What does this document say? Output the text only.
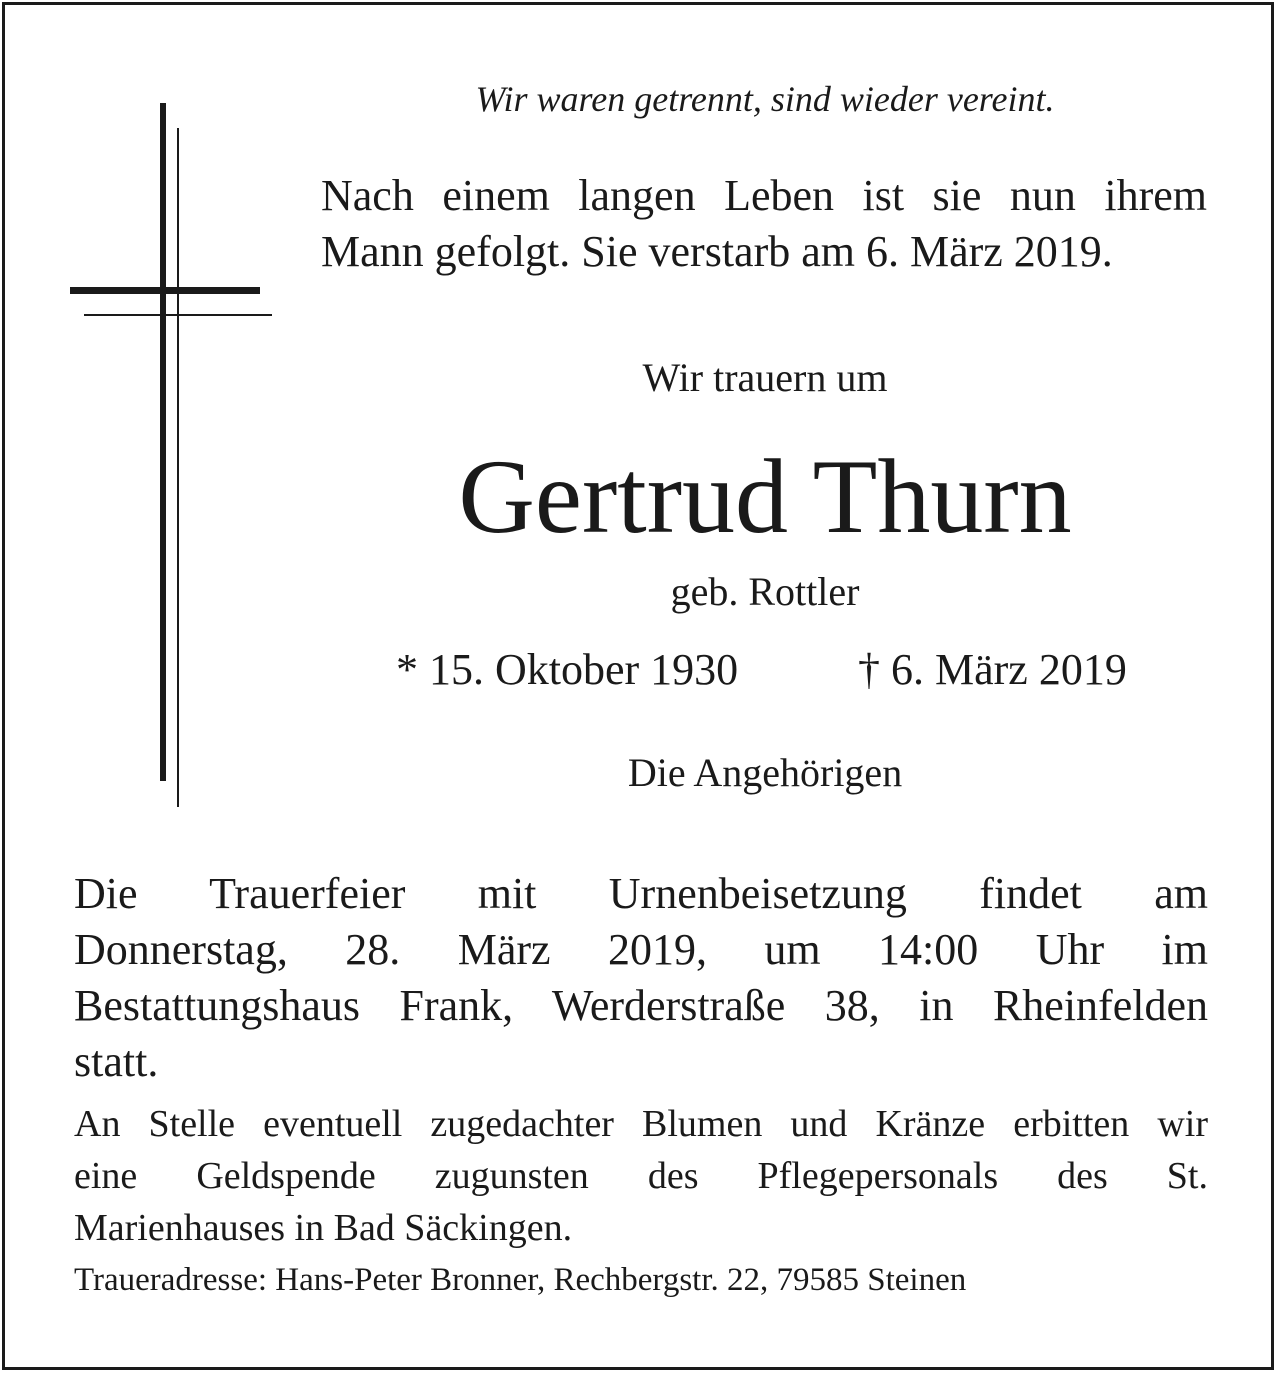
Wir waren getrennt, sind wieder vereint.
Nach einem langen Leben ist sie nun ihrem
Mann gefolgt. Sie verstarb am 6. März 2019.
Wir trauern um
Gertrud Thurn
geb. Rottler
* 15. Oktober 1930	† 6. März 2019
Die Angehörigen
Die Trauerfeier mit Urnenbeisetzung findet am
Donnerstag, 28. März 2019, um 14:00 Uhr im
Bestattungshaus Frank, Werderstraße 38, in Rheinfelden
statt.
An Stelle eventuell zugedachter Blumen und Kränze erbitten wir
eine Geldspende zugunsten des Pflegepersonals des St.
Marienhauses in Bad Säckingen.
Traueradresse: Hans-Peter Bronner, Rechbergstr. 22, 79585 Steinen
